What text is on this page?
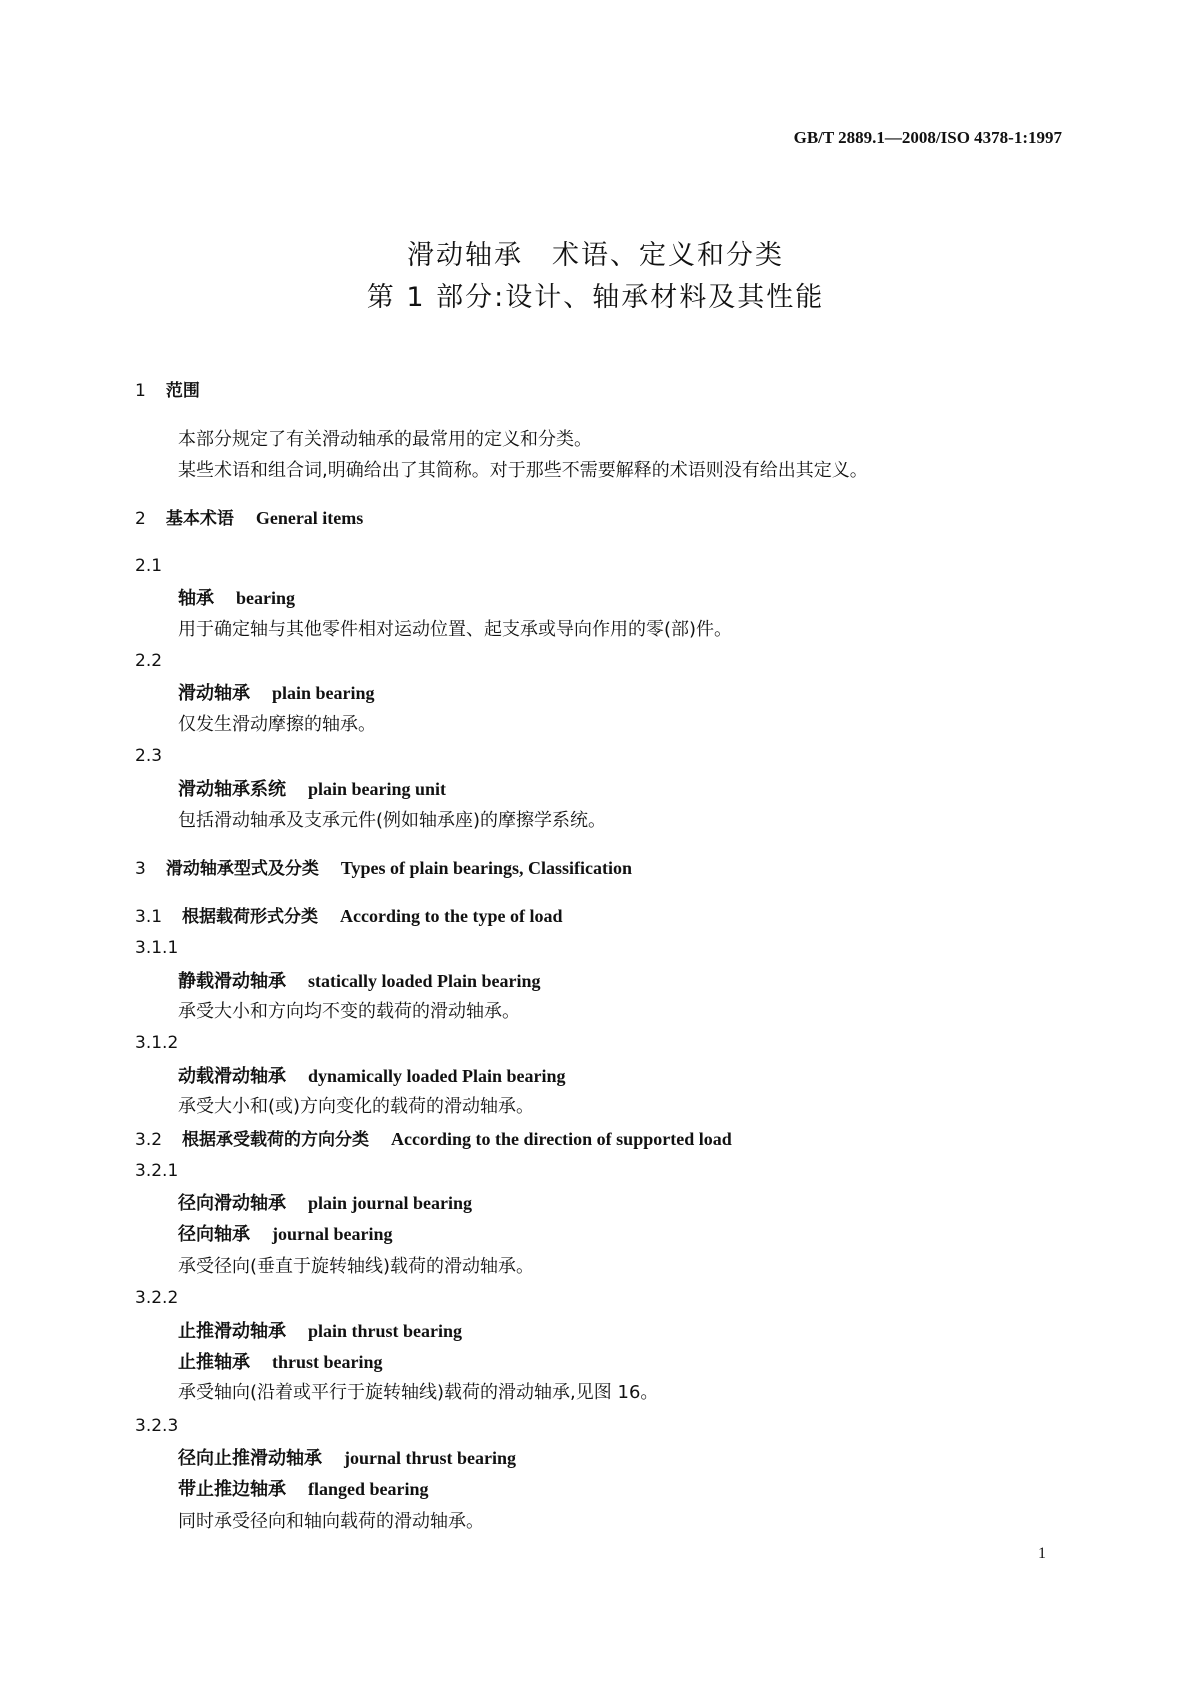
GB/T 2889.1—2008/ISO 4378-1:1997
滑动轴承　术语、定义和分类
第 1 部分:设计、轴承材料及其性能
1 范围
本部分规定了有关滑动轴承的最常用的定义和分类。
某些术语和组合词,明确给出了其简称。对于那些不需要解释的术语则没有给出其定义。
2 基本术语 General items
2.1
轴承 bearing
用于确定轴与其他零件相对运动位置、起支承或导向作用的零(部)件。
2.2
滑动轴承 plain bearing
仅发生滑动摩擦的轴承。
2.3
滑动轴承系统 plain bearing unit
包括滑动轴承及支承元件(例如轴承座)的摩擦学系统。
3 滑动轴承型式及分类 Types of plain bearings, Classification
3.1 根据载荷形式分类 According to the type of load
3.1.1
静载滑动轴承 statically loaded Plain bearing
承受大小和方向均不变的载荷的滑动轴承。
3.1.2
动载滑动轴承 dynamically loaded Plain bearing
承受大小和(或)方向变化的载荷的滑动轴承。
3.2 根据承受载荷的方向分类 According to the direction of supported load
3.2.1
径向滑动轴承 plain journal bearing
径向轴承 journal bearing
承受径向(垂直于旋转轴线)载荷的滑动轴承。
3.2.2
止推滑动轴承 plain thrust bearing
止推轴承 thrust bearing
承受轴向(沿着或平行于旋转轴线)载荷的滑动轴承,见图 16。
3.2.3
径向止推滑动轴承 journal thrust bearing
带止推边轴承 flanged bearing
同时承受径向和轴向载荷的滑动轴承。
1
